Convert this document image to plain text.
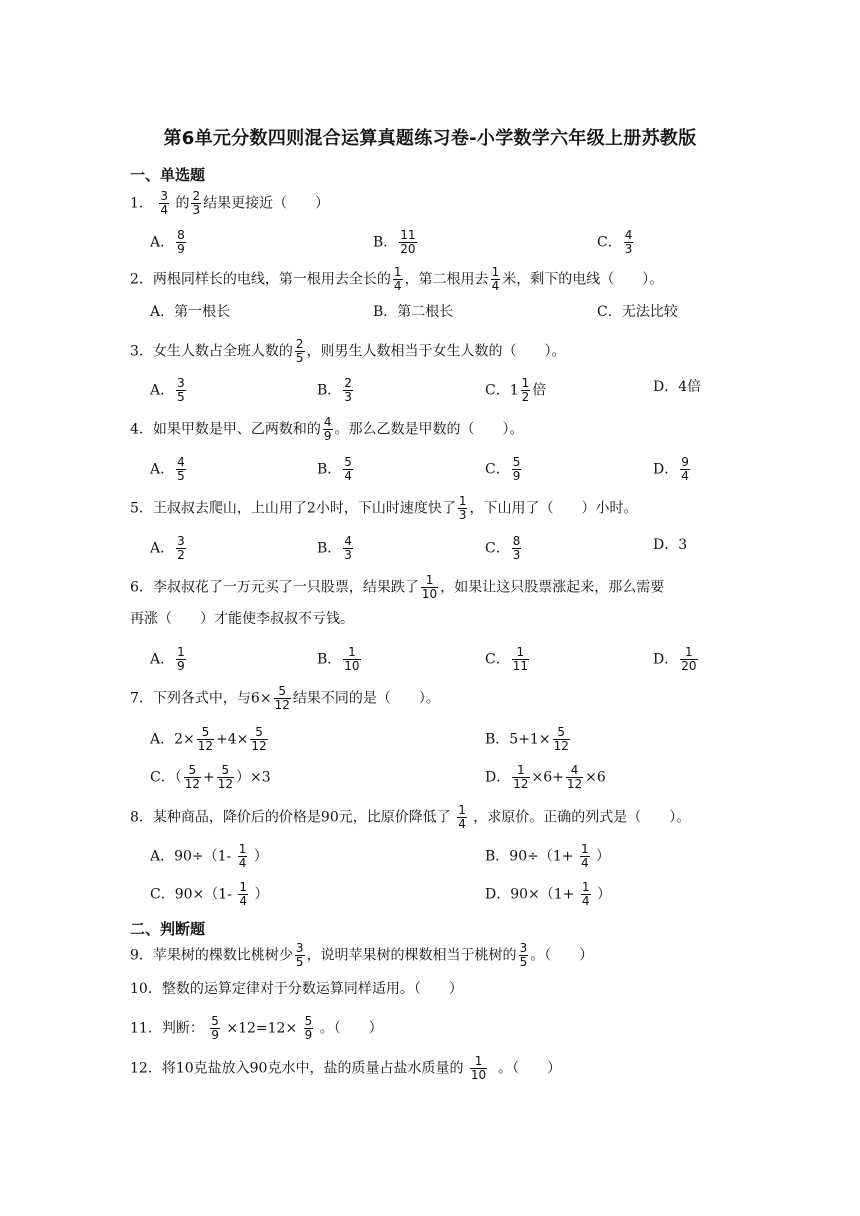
第6单元分数四则混合运算真题练习卷-小学数学六年级上册苏教版
一、单选题
1． $\frac{3}{4}$ 的 $\frac{2}{3}$ 结果更接近（　　）
A． $\frac{8}{9}$	B． $\frac{11}{20}$	C． $\frac{4}{3}$
2．两根同样长的电线，第一根用去全长的 $\frac{1}{4}$ ，第二根用去 $\frac{1}{4}$ 米，剩下的电线（　　）。
A．第一根长	B．第二根长	C．无法比较
3．女生人数占全班人数的 $\frac{2}{5}$ ，则男生人数相当于女生人数的（　　）。
A． $\frac{3}{5}$	B． $\frac{2}{3}$	C．$1 \frac{1}{2}$ 倍	D．4倍
4．如果甲数是甲、乙两数和的 $\frac{4}{9}$ 。那么乙数是甲数的（　　）。
A． $\frac{4}{5}$	B． $\frac{5}{4}$	C． $\frac{5}{9}$	D． $\frac{9}{4}$
5．王叔叔去爬山，上山用了2小时，下山时速度快了 $\frac{1}{3}$ ，下山用了（　　）小时。
A． $\frac{3}{2}$	B． $\frac{4}{3}$	C． $\frac{8}{3}$	D．3
6．李叔叔花了一万元买了一只股票，结果跌了 $\frac{1}{10}$ ，如果让这只股票涨起来，那么需要
再涨（　　）才能使李叔叔不亏钱。
A． $\frac{1}{9}$	B． $\frac{1}{10}$	C． $\frac{1}{11}$	D． $\frac{1}{20}$
7．下列各式中，与$6\times \frac{5}{12}$ 结果不同的是（　　）。
A．$2\times \frac{5}{12} +4\times \frac{5}{12}$	B．$5+1\times \frac{5}{12}$
C．（ $\frac{5}{12} + \frac{5}{12} )\times 3$	D． $\frac{1}{12} \times 6+ \frac{4}{12} \times 6$
8．某种商品，降价后的价格是90元，比原价降低了 $\frac{1}{4}$ ，求原价。正确的列式是（　　）。
A．$90\div(1- \frac{1}{4}$ ）	B．$90\div(1+ \frac{1}{4}$ ）
C．$90\times(1- \frac{1}{4}$ ）	D．$90\times(1+ \frac{1}{4}$ ）
二、判断题
9．苹果树的棵数比桃树少 $\frac{3}{5}$ ，说明苹果树的棵数相当于桃树的 $\frac{3}{5}$ 。（　　）
10．整数的运算定律对于分数运算同样适用。（　　）
11．判断： $\frac{5}{9} \times 12=12\times \frac{5}{9}$ 。（　　）
12．将10克盐放入90克水中，盐的质量占盐水质量的 $\frac{1}{10}$ 。（　　）
